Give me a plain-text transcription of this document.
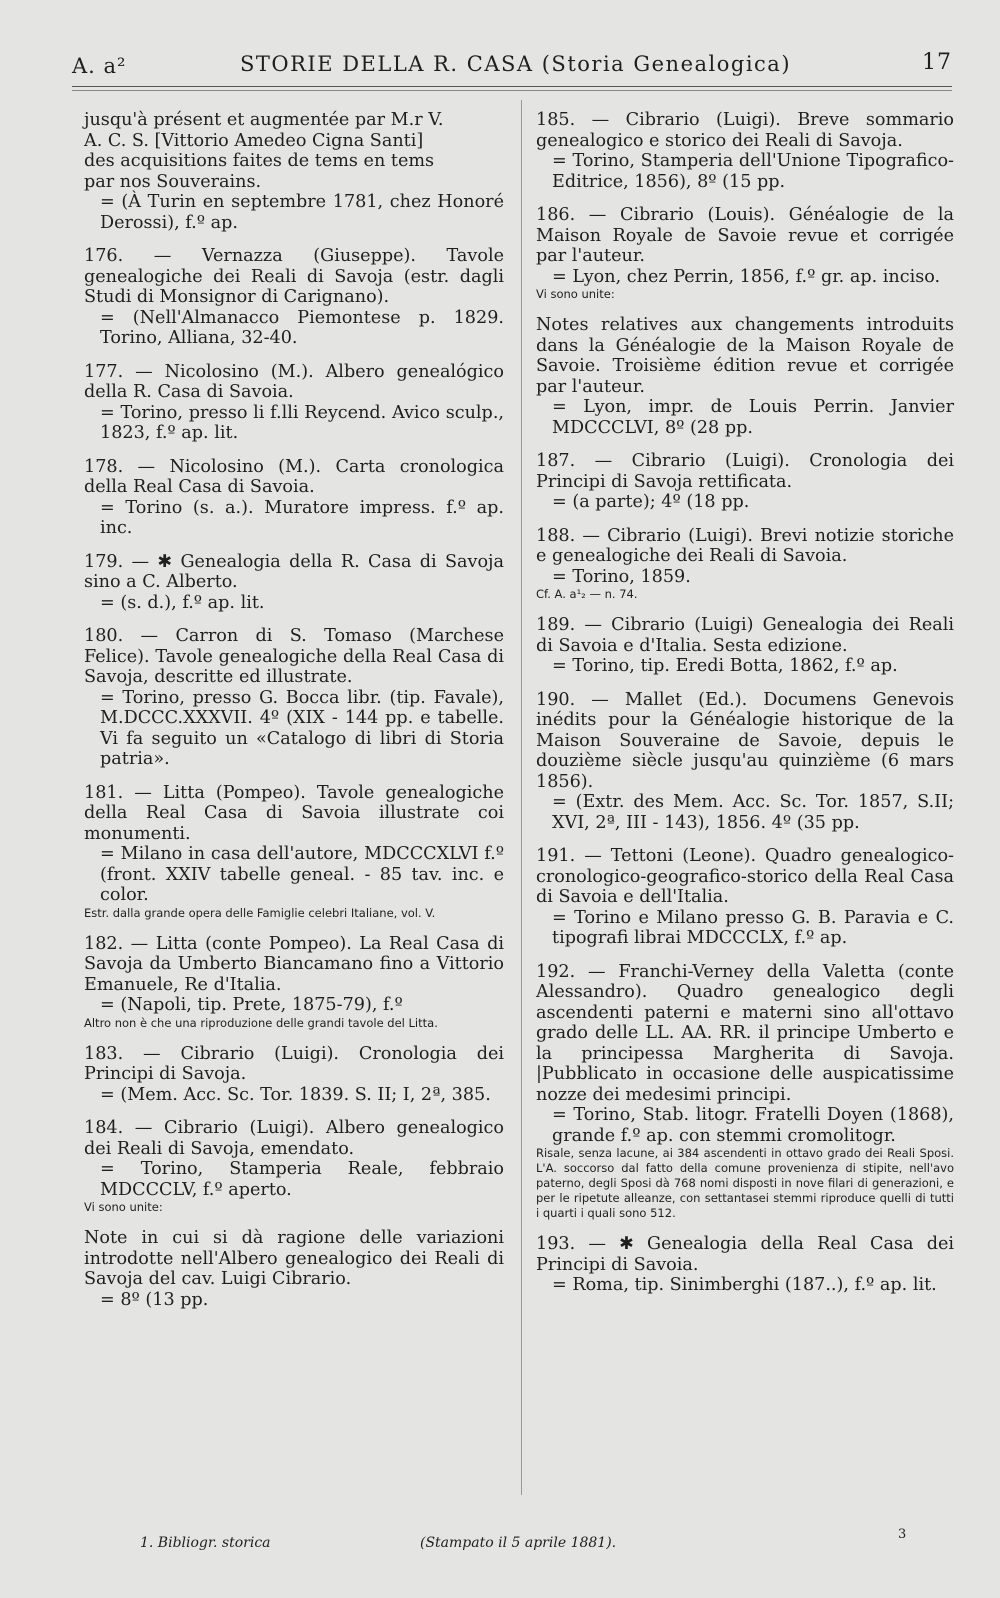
A. a²	STORIE DELLA R. CASA (Storia Genealogica)	17

jusqu'à présent et augmentée par M.r V.

A. C. S. [Vittorio Amedeo Cigna Santi]

des acquisitions faites de tems en tems

par nos Souverains.

= (À Turin en septembre 1781, chez Honoré Derossi), f.º ap.

176. — Vernazza (Giuseppe). Tavole genealogiche dei Reali di Savoja (estr. dagli Studi di Monsignor di Carignano).

= (Nell'Almanacco Piemontese p. 1829. Torino, Alliana, 32-40.

177. — Nicolosino (M.). Albero genealógico della R. Casa di Savoia.

= Torino, presso li f.lli Reycend. Avico sculp., 1823, f.º ap. lit.

178. — Nicolosino (M.). Carta cronologica della Real Casa di Savoia.

= Torino (s. a.). Muratore impress. f.º ap. inc.

179. — ✱ Genealogia della R. Casa di Savoja sino a C. Alberto.

= (s. d.), f.º ap. lit.

180. — Carron di S. Tomaso (Marchese Felice). Tavole genealogiche della Real Casa di Savoja, descritte ed illustrate.

= Torino, presso G. Bocca libr. (tip. Favale), M.DCCC.XXXVII. 4º (XIX - 144 pp. e tabelle. Vi fa seguito un «Catalogo di libri di Storia patria».

181. — Litta (Pompeo). Tavole genealogiche della Real Casa di Savoia illustrate coi monumenti.

= Milano in casa dell'autore, MDCCCXLVI f.º (front. XXIV tabelle geneal. - 85 tav. inc. e color.

Estr. dalla grande opera delle Famiglie celebri Italiane, vol. V.

182. — Litta (conte Pompeo). La Real Casa di Savoja da Umberto Biancamano fino a Vittorio Emanuele, Re d'Italia.

= (Napoli, tip. Prete, 1875-79), f.º

Altro non è che una riproduzione delle grandi tavole del Litta.

183. — Cibrario (Luigi). Cronologia dei Principi di Savoja.

= (Mem. Acc. Sc. Tor. 1839. S. II; I, 2ª, 385.

184. — Cibrario (Luigi). Albero genealogico dei Reali di Savoja, emendato.

= Torino, Stamperia Reale, febbraio MDCCCLV, f.º aperto.

Vi sono unite:

Note in cui si dà ragione delle variazioni introdotte nell'Albero genealogico dei Reali di Savoja del cav. Luigi Cibrario.

= 8º (13 pp.

185. — Cibrario (Luigi). Breve sommario genealogico e storico dei Reali di Savoja.

= Torino, Stamperia dell'Unione Tipografico-Editrice, 1856), 8º (15 pp.

186. — Cibrario (Louis). Généalogie de la Maison Royale de Savoie revue et corrigée par l'auteur.

= Lyon, chez Perrin, 1856, f.º gr. ap. inciso.

Vi sono unite:

Notes relatives aux changements introduits dans la Généalogie de la Maison Royale de Savoie. Troisième édition revue et corrigée par l'auteur.

= Lyon, impr. de Louis Perrin. Janvier MDCCCLVI, 8º (28 pp.

187. — Cibrario (Luigi). Cronologia dei Principi di Savoja rettificata.

= (a parte); 4º (18 pp.

188. — Cibrario (Luigi). Brevi notizie storiche e genealogiche dei Reali di Savoia.

= Torino, 1859.

Cf. A. a¹₂ — n. 74.

189. — Cibrario (Luigi) Genealogia dei Reali di Savoia e d'Italia. Sesta edizione.

= Torino, tip. Eredi Botta, 1862, f.º ap.

190. — Mallet (Ed.). Documens Genevois inédits pour la Généalogie historique de la Maison Souveraine de Savoie, depuis le douzième siècle jusqu'au quinzième (6 mars 1856).

= (Extr. des Mem. Acc. Sc. Tor. 1857, S.II; XVI, 2ª, III - 143), 1856. 4º (35 pp.

191. — Tettoni (Leone). Quadro genealogico-cronologico-geografico-storico della Real Casa di Savoia e dell'Italia.

= Torino e Milano presso G. B. Paravia e C. tipografi librai MDCCCLX, f.º ap.

192. — Franchi-Verney della Valetta (conte Alessandro). Quadro genealogico degli ascendenti paterni e materni sino all'ottavo grado delle LL. AA. RR. il principe Umberto e la principessa Margherita di Savoja. |Pubblicato in occasione delle auspicatissime nozze dei medesimi principi.

= Torino, Stab. litogr. Fratelli Doyen (1868), grande f.º ap. con stemmi cromolitogr.

Risale, senza lacune, ai 384 ascendenti in ottavo grado dei Reali Sposi. L'A. soccorso dal fatto della comune provenienza di stipite, nell'avo paterno, degli Sposi dà 768 nomi disposti in nove filari di generazioni, e per le ripetute alleanze, con settantasei stemmi riproduce quelli di tutti i quarti i quali sono 512.

193. — ✱ Genealogia della Real Casa dei Principi di Savoia.

= Roma, tip. Sinimberghi (187..), f.º ap. lit.

1. Bibliogr. storica	(Stampato il 5 aprile 1881).
3
